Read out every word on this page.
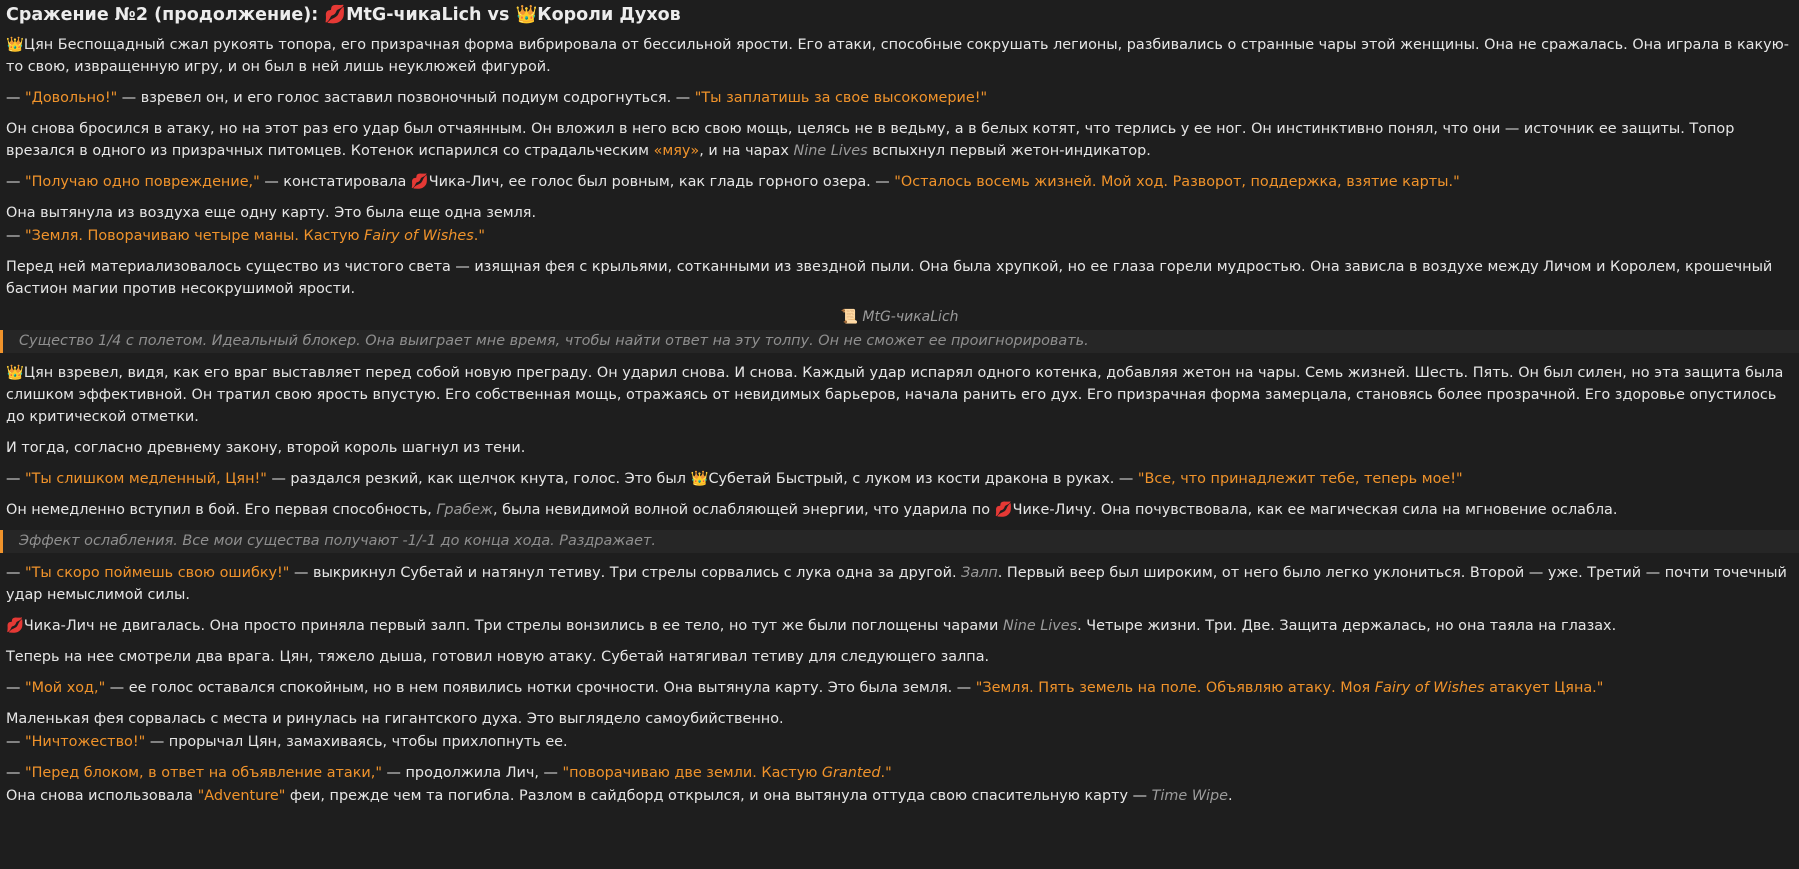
Сражение №2 (продолжение): 💋MtG-чикаLich vs 👑Короли Духов

👑Цян Беспощадный сжал рукоять топора, его призрачная форма вибрировала от бессильной ярости. Его атаки, способные сокрушать легионы, разбивались о странные чары этой женщины. Она не сражалась. Она играла в какую-то свою, извращенную игру, и он был в ней лишь неуклюжей фигурой.

— "Довольно!" — взревел он, и его голос заставил позвоночный подиум содрогнуться. — "Ты заплатишь за свое высокомерие!"

Он снова бросился в атаку, но на этот раз его удар был отчаянным. Он вложил в него всю свою мощь, целясь не в ведьму, а в белых котят, что терлись у ее ног. Он инстинктивно понял, что они — источник ее защиты. Топор врезался в одного из призрачных питомцев. Котенок испарился со страдальческим «мяу», и на чарах Nine Lives вспыхнул первый жетон-индикатор.

— "Получаю одно повреждение," — констатировала 💋Чика-Лич, ее голос был ровным, как гладь горного озера. — "Осталось восемь жизней. Мой ход. Разворот, поддержка, взятие карты."

Она вытянула из воздуха еще одну карту. Это была еще одна земля.

— "Земля. Поворачиваю четыре маны. Кастую Fairy of Wishes."

Перед ней материализовалось существо из чистого света — изящная фея с крыльями, сотканными из звездной пыли. Она была хрупкой, но ее глаза горели мудростью. Она зависла в воздухе между Личом и Королем, крошечный бастион магии против несокрушимой ярости.

📜 MtG-чикаLich
Существо 1/4 с полетом. Идеальный блокер. Она выиграет мне время, чтобы найти ответ на эту толпу. Он не сможет ее проигнорировать.

👑Цян взревел, видя, как его враг выставляет перед собой новую преграду. Он ударил снова. И снова. Каждый удар испарял одного котенка, добавляя жетон на чары. Семь жизней. Шесть. Пять. Он был силен, но эта защита была слишком эффективной. Он тратил свою ярость впустую. Его собственная мощь, отражаясь от невидимых барьеров, начала ранить его дух. Его призрачная форма замерцала, становясь более прозрачной. Его здоровье опустилось до критической отметки.

И тогда, согласно древнему закону, второй король шагнул из тени.

— "Ты слишком медленный, Цян!" — раздался резкий, как щелчок кнута, голос. Это был 👑Субетай Быстрый, с луком из кости дракона в руках. — "Все, что принадлежит тебе, теперь мое!"

Он немедленно вступил в бой. Его первая способность, Грабеж, была невидимой волной ослабляющей энергии, что ударила по 💋Чике-Личу. Она почувствовала, как ее магическая сила на мгновение ослабла.

Эффект ослабления. Все мои существа получают -1/-1 до конца хода. Раздражает.

— "Ты скоро поймешь свою ошибку!" — выкрикнул Субетай и натянул тетиву. Три стрелы сорвались с лука одна за другой. Залп. Первый веер был широким, от него было легко уклониться. Второй — уже. Третий — почти точечный удар немыслимой силы.

💋Чика-Лич не двигалась. Она просто приняла первый залп. Три стрелы вонзились в ее тело, но тут же были поглощены чарами Nine Lives. Четыре жизни. Три. Две. Защита держалась, но она таяла на глазах.

Теперь на нее смотрели два врага. Цян, тяжело дыша, готовил новую атаку. Субетай натягивал тетиву для следующего залпа.

— "Мой ход," — ее голос оставался спокойным, но в нем появились нотки срочности. Она вытянула карту. Это была земля. — "Земля. Пять земель на поле. Объявляю атаку. Моя Fairy of Wishes атакует Цяна."

Маленькая фея сорвалась с места и ринулась на гигантского духа. Это выглядело самоубийственно.

— "Ничтожество!" — прорычал Цян, замахиваясь, чтобы прихлопнуть ее.

— "Перед блоком, в ответ на объявление атаки," — продолжила Лич, — "поворачиваю две земли. Кастую Granted."

Она снова использовала "Adventure" феи, прежде чем та погибла. Разлом в сайдборд открылся, и она вытянула оттуда свою спасительную карту — Time Wipe.
